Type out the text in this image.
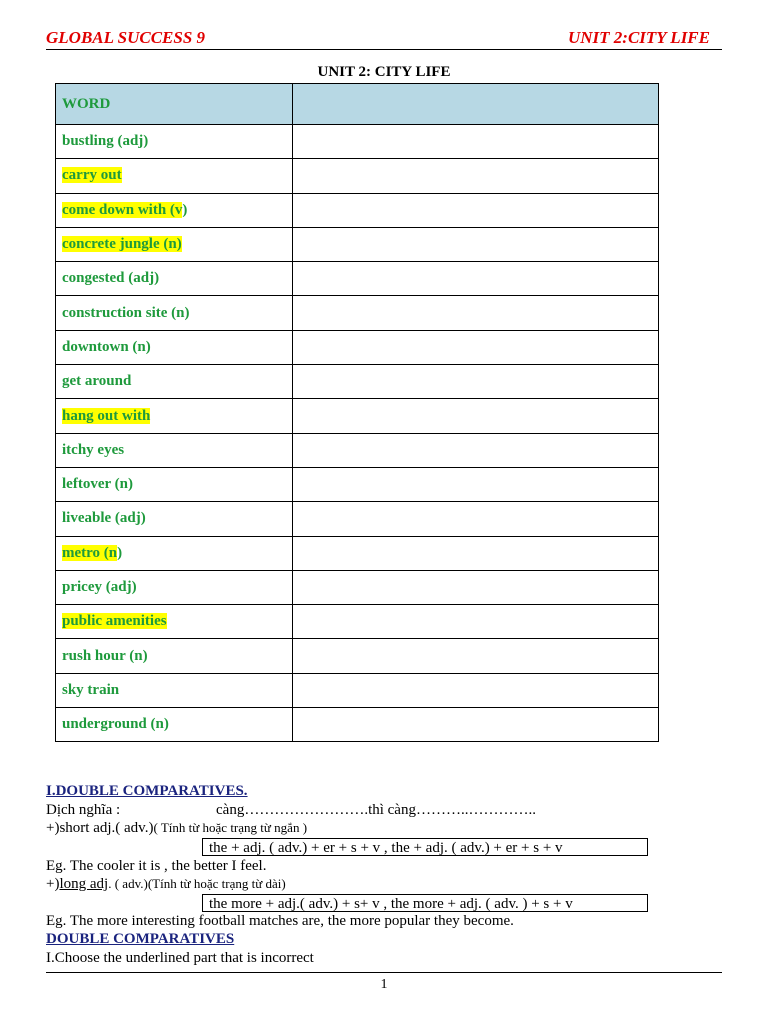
GLOBAL SUCCESS 9	UNIT 2:CITY LIFE
UNIT 2: CITY LIFE
WORD	
bustling (adj)	
carry out	
come down with (v)	
concrete jungle (n)	
congested (adj)	
construction site (n)	
downtown (n)	
get around	
hang out with	
itchy eyes	
leftover (n)	
liveable (adj)	
metro (n)	
pricey (adj)	
public amenities	
rush hour (n)	
sky train	
underground (n)	
I.DOUBLE COMPARATIVES.
Dịch nghĩa :	càng…………………….thì càng………..…………..
+)short adj.( adv.)( Tính từ hoặc trạng từ ngắn )
the + adj. ( adv.) + er + s + v , the + adj. ( adv.) + er + s + v
Eg. The cooler it is , the better I feel.
+)long adj. ( adv.)(Tính từ hoặc trạng từ dài)
the more + adj.( adv.) + s+ v , the more + adj. ( adv. ) + s + v
Eg. The more interesting football matches are, the more popular they become.
DOUBLE COMPARATIVES
I.Choose the underlined part that is incorrect
1
